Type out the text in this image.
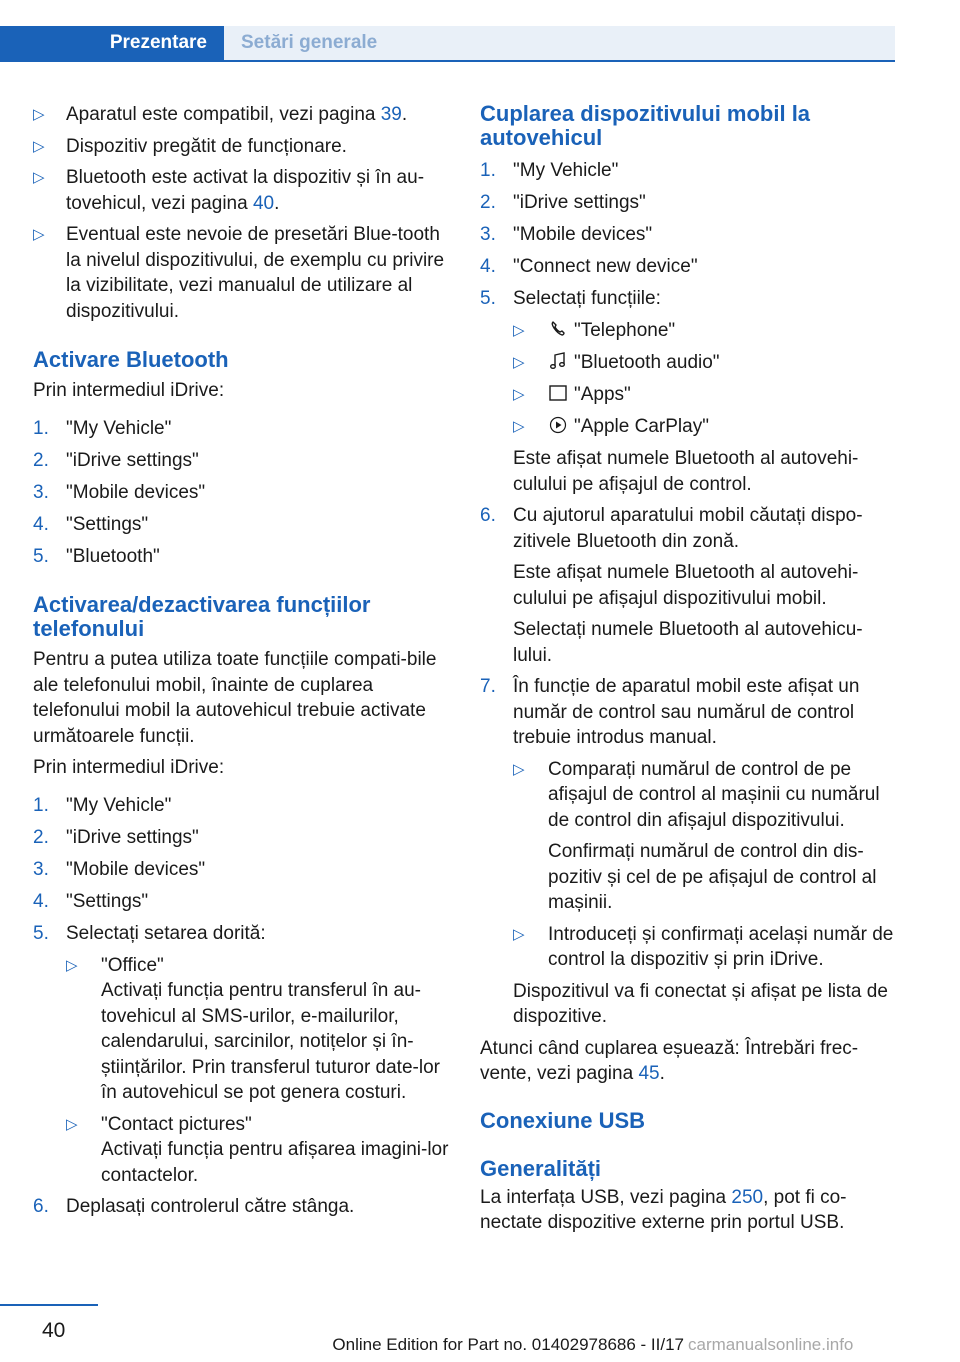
Prezentare	Setări generale
▷ Aparatul este compatibil, vezi pagina 39.
▷ Dispozitiv pregătit de funcționare.
▷ Bluetooth este activat la dispozitiv și în au-tovehicul, vezi pagina 40.
▷ Eventual este nevoie de presetări Blue-tooth la nivelul dispozitivului, de exemplu cu privire la vizibilitate, vezi manualul de utilizare al dispozitivului.

Activare Bluetooth

Prin intermediul iDrive:

1. "My Vehicle"
2. "iDrive settings"
3. "Mobile devices"
4. "Settings"
5. "Bluetooth"

Activarea/dezactivarea funcțiilor telefonului

Pentru a putea utiliza toate funcțiile compati-bile ale telefonului mobil, înainte de cuplarea telefonului mobil la autovehicul trebuie activate următoarele funcții.

Prin intermediul iDrive:

1. "My Vehicle"
2. "iDrive settings"
3. "Mobile devices"
4. "Settings"
5. Selectați setarea dorită:
▷ "Office"
Activați funcția pentru transferul în au-tovehicul al SMS-urilor, e-mailurilor, calendarului, sarcinilor, notițelor și în-științărilor. Prin transferul tuturor date-lor în autovehicul se pot genera costuri.
▷ "Contact pictures"
Activați funcția pentru afișarea imagini-lor contactelor.
6. Deplasați controlerul către stânga.

Cuplarea dispozitivului mobil la autovehicul

1. "My Vehicle"
2. "iDrive settings"
3. "Mobile devices"
4. "Connect new device"
5. Selectați funcțiile:
▷	"Telephone"
▷	"Bluetooth audio"
▷	"Apps"
▷	"Apple CarPlay"

Este afișat numele Bluetooth al autovehi-culului pe afișajul de control.

6. Cu ajutorul aparatului mobil căutați dispo-zitivele Bluetooth din zonă.

Este afișat numele Bluetooth al autovehi-culului pe afișajul dispozitivului mobil.

Selectați numele Bluetooth al autovehicu-lului.

7. În funcție de aparatul mobil este afișat un număr de control sau numărul de control trebuie introdus manual.
▷ Comparați numărul de control de pe afișajul de control al mașinii cu numărul de control din afișajul dispozitivului.
Confirmați numărul de control din dis-pozitiv și cel de pe afișajul de control al mașinii.
▷ Introduceți și confirmați același număr de control la dispozitiv și prin iDrive.

Dispozitivul va fi conectat și afișat pe lista de dispozitive.

Atunci când cuplarea eșuează: Întrebări frec-vente, vezi pagina 45.

Conexiune USB

Generalități

La interfața USB, vezi pagina 250, pot fi co-nectate dispozitive externe prin portul USB.

40
Online Edition for Part no. 01402978686 - II/17 carmanualsonline.info
